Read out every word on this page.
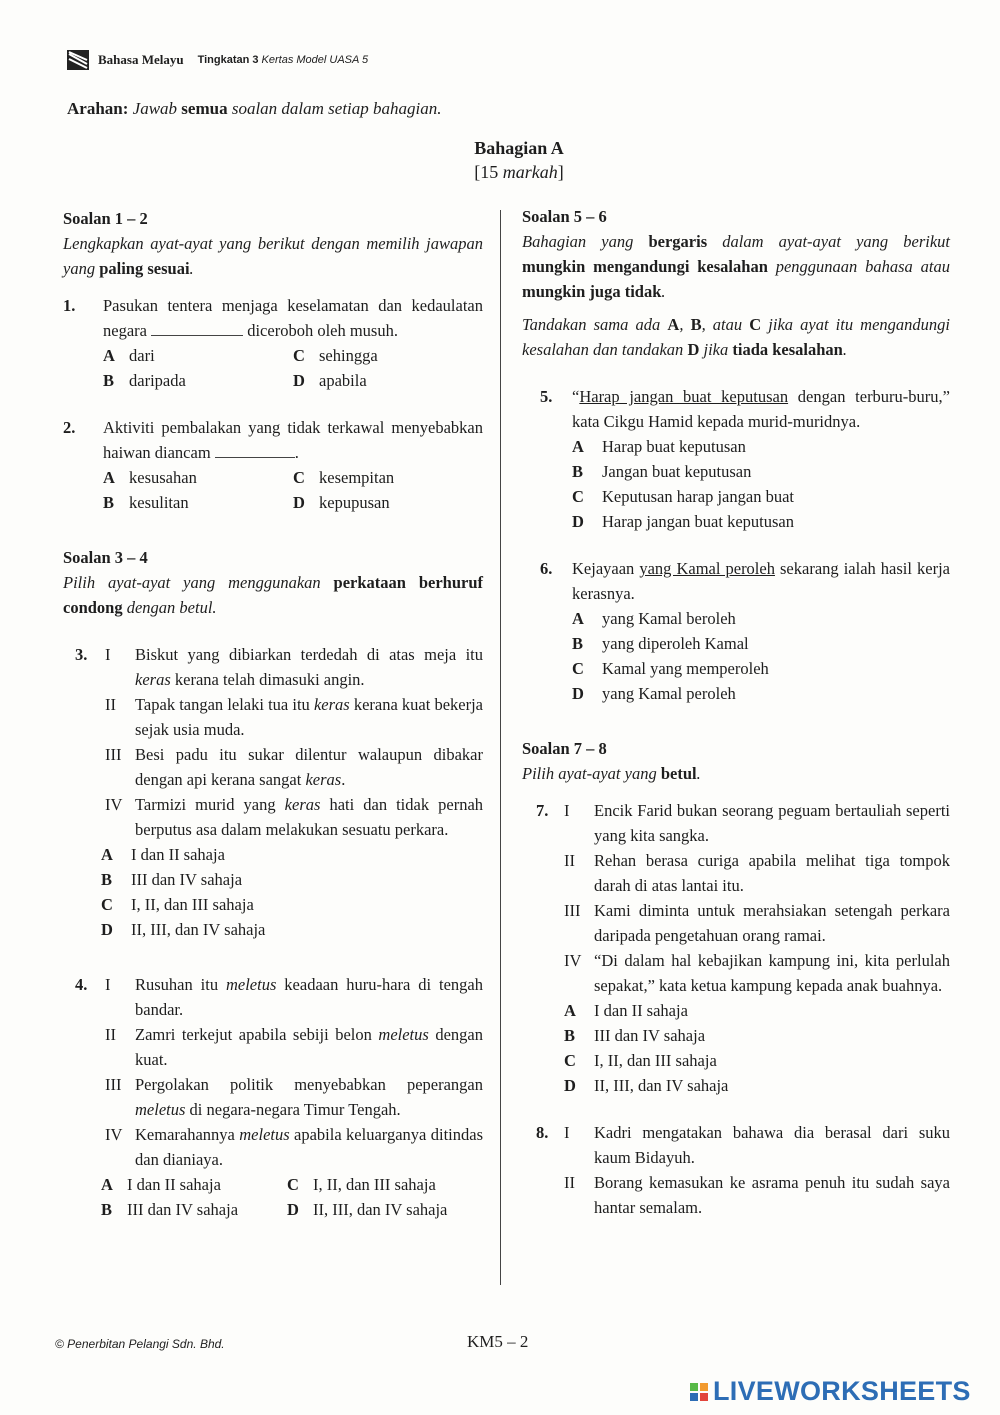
Bahasa Melayu Tingkatan 3 Kertas Model UASA 5
Arahan: Jawab semua soalan dalam setiap bahagian.
Bahagian A
[15 markah]
Soalan 1 – 2
Lengkapkan ayat-ayat yang berikut dengan memilih jawapan yang paling sesuai.
1.	Pasukan tentera menjaga keselamatan dan kedaulatan negara	diceroboh oleh musuh.
A dari	C sehingga
B daripada	D apabila
2.	Aktiviti pembalakan yang tidak terkawal menyebabkan haiwan diancam	.
A kesusahan	C kesempitan
B kesulitan	D kepupusan
Soalan 3 – 4
Pilih ayat-ayat yang menggunakan perkataan berhuruf condong dengan betul.
3.	I	Biskut yang dibiarkan terdedah di atas meja itu keras kerana telah dimasuki angin.
II	Tapak tangan lelaki tua itu keras kerana kuat bekerja sejak usia muda.
III Besi padu itu sukar dilentur walaupun dibakar dengan api kerana sangat keras.
IV Tarmizi murid yang keras hati dan tidak pernah berputus asa dalam melakukan sesuatu perkara.
A	I dan II sahaja
B	III dan IV sahaja
C	I, II, dan III sahaja
D	II, III, dan IV sahaja
4.	I	Rusuhan itu meletus keadaan huru-hara di tengah bandar.
II	Zamri terkejut apabila sebiji belon meletus dengan kuat.
III Pergolakan politik menyebabkan peperangan meletus di negara-negara Timur Tengah.
IV Kemarahannya meletus apabila keluarganya ditindas dan dianiaya.
A I dan II sahaja	C I, II, dan III sahaja
B III dan IV sahaja	D II, III, dan IV sahaja
Soalan 5 – 6
Bahagian yang bergaris dalam ayat-ayat yang berikut mungkin mengandungi kesalahan penggunaan bahasa atau mungkin juga tidak.
Tandakan sama ada A, B, atau C jika ayat itu mengandungi kesalahan dan tandakan D jika tiada kesalahan.
5.	“Harap jangan buat keputusan dengan terburu-buru,” kata Cikgu Hamid kepada murid-muridnya.
A	Harap buat keputusan
B	Jangan buat keputusan
C	Keputusan harap jangan buat
D	Harap jangan buat keputusan
6.	Kejayaan yang Kamal peroleh sekarang ialah hasil kerja kerasnya.
A	yang Kamal beroleh
B	yang diperoleh Kamal
C	Kamal yang memperoleh
D	yang Kamal peroleh
Soalan 7 – 8
Pilih ayat-ayat yang betul.
7. I	Encik Farid bukan seorang peguam bertauliah seperti yang kita sangka.
II	Rehan berasa curiga apabila melihat tiga tompok darah di atas lantai itu.
III Kami diminta untuk merahsiakan setengah perkara daripada pengetahuan orang ramai.
IV “Di dalam hal kebajikan kampung ini, kita perlulah sepakat,” kata ketua kampung kepada anak buahnya.
A	I dan II sahaja
B	III dan IV sahaja
C	I, II, dan III sahaja
D	II, III, dan IV sahaja
8. I	Kadri mengatakan bahawa dia berasal dari suku kaum Bidayuh.
II	Borang kemasukan ke asrama penuh itu sudah saya hantar semalam.
© Penerbitan Pelangi Sdn. Bhd.	KM5 – 2
LIVEWORKSHEETS
